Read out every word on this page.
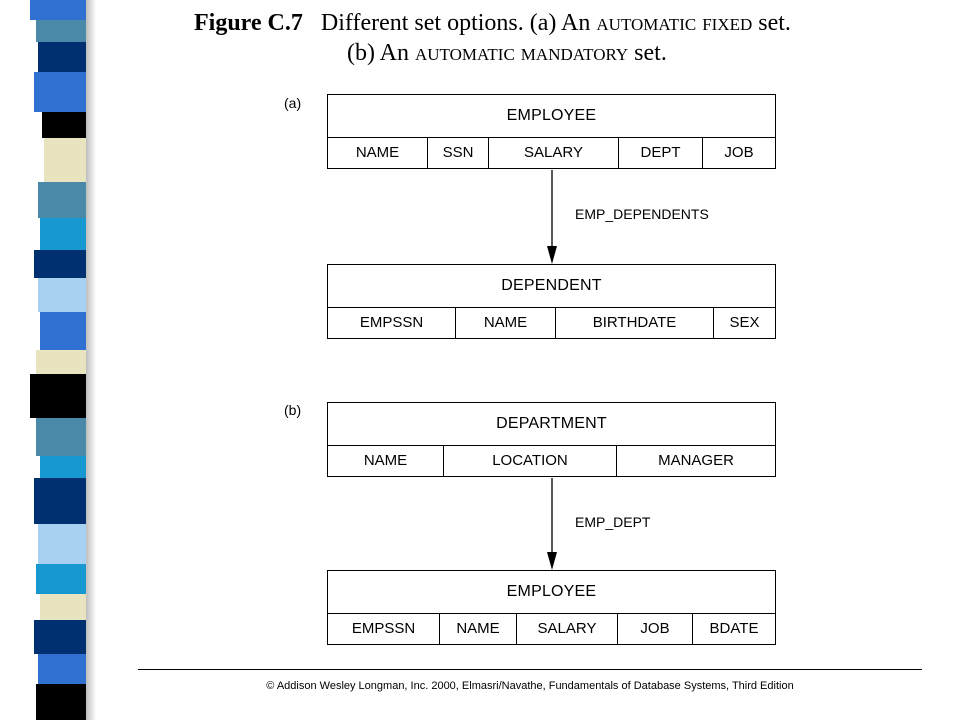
Figure C.7 Different set options. (a) An automatic fixed set.
(b) An automatic mandatory set.
(a)
EMPLOYEE
NAME	SSN	SALARY	DEPT	JOB
EMP_DEPENDENTS
DEPENDENT
EMPSSN	NAME	BIRTHDATE	SEX
(b)
DEPARTMENT
NAME	LOCATION	MANAGER
EMP_DEPT
EMPLOYEE
EMPSSN	NAME	SALARY	JOB	BDATE
© Addison Wesley Longman, Inc. 2000, Elmasri/Navathe, Fundamentals of Database Systems, Third Edition
